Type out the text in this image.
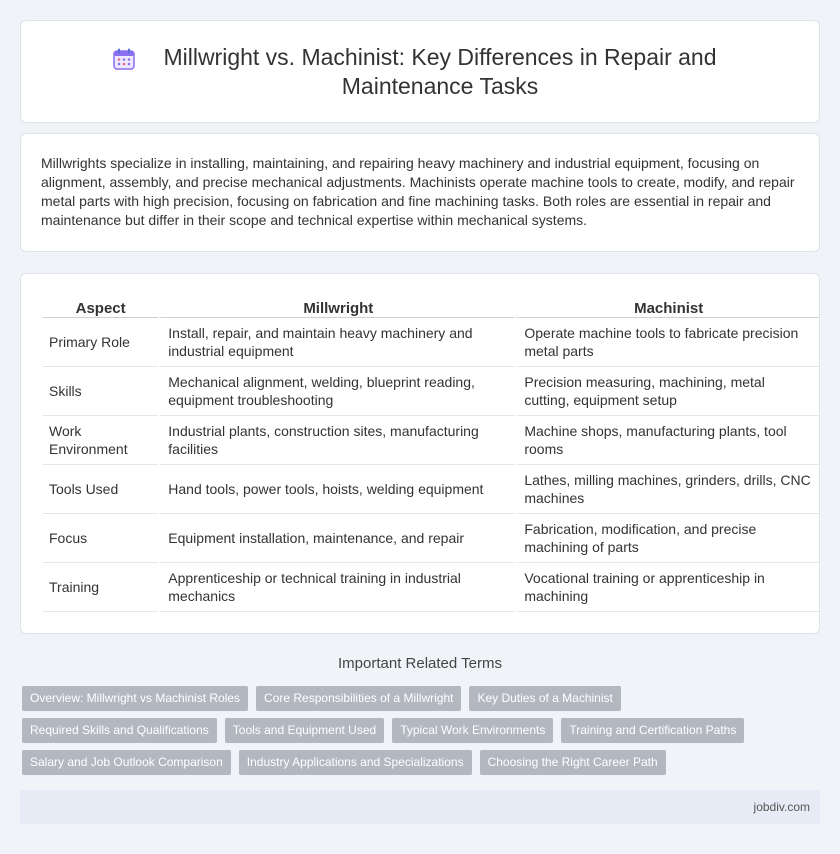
Millwright vs. Machinist: Key Differences in Repair and Maintenance Tasks

Millwrights specialize in installing, maintaining, and repairing heavy machinery and industrial equipment, focusing on alignment, assembly, and precise mechanical adjustments. Machinists operate machine tools to create, modify, and repair metal parts with high precision, focusing on fabrication and fine machining tasks. Both roles are essential in repair and maintenance but differ in their scope and technical expertise within mechanical systems.

Aspect	Millwright	Machinist
Primary Role	Install, repair, and maintain heavy machinery and industrial equipment	Operate machine tools to fabricate precision metal parts
Skills	Mechanical alignment, welding, blueprint reading, equipment troubleshooting	Precision measuring, machining, metal cutting, equipment setup
Work Environment	Industrial plants, construction sites, manufacturing facilities	Machine shops, manufacturing plants, tool rooms
Tools Used	Hand tools, power tools, hoists, welding equipment	Lathes, milling machines, grinders, drills, CNC machines
Focus	Equipment installation, maintenance, and repair	Fabrication, modification, and precise machining of parts
Training	Apprenticeship or technical training in industrial mechanics	Vocational training or apprenticeship in machining
Important Related Terms
Overview: Millwright vs Machinist Roles	Core Responsibilities of a Millwright	Key Duties of a Machinist
Required Skills and Qualifications	Tools and Equipment Used	Typical Work Environments	Training and Certification Paths
Salary and Job Outlook Comparison	Industry Applications and Specializations	Choosing the Right Career Path
jobdiv.com
